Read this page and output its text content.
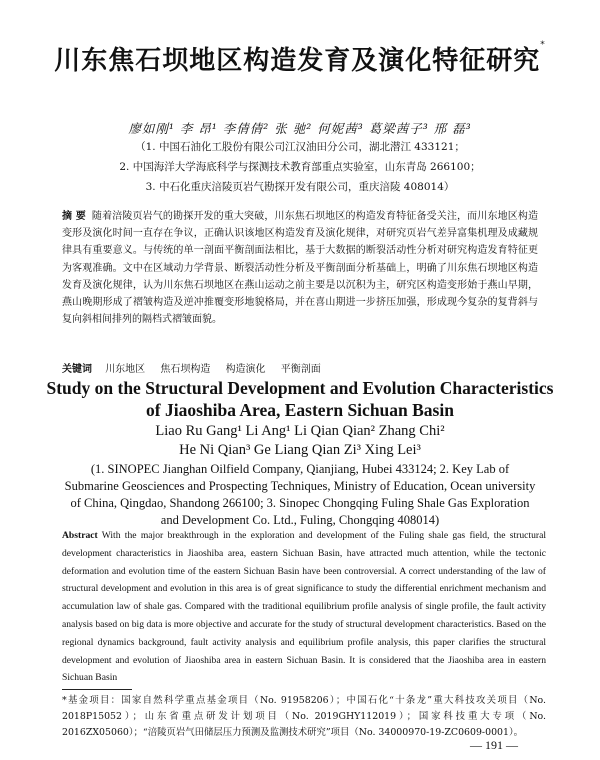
川东焦石坝地区构造发育及演化特征研究*
廖如刚¹ 李 昂¹ 李倩倩² 张 驰² 何妮茜³ 葛梁茜子³ 邢 磊³
（1. 中国石油化工股份有限公司江汉油田分公司，湖北潜江 433121；
2. 中国海洋大学海底科学与探测技术教育部重点实验室，山东青岛 266100；
3. 中石化重庆涪陵页岩气勘探开发有限公司，重庆涪陵 408014）
摘 要 随着涪陵页岩气的勘探开发的重大突破，川东焦石坝地区的构造发育特征备受关注，而川东地区构造变形及演化时间一直存在争议，正确认识该地区构造发育及演化规律，对研究页岩气差异富集机理及成藏规律具有重要意义。与传统的单一剖面平衡剖面法相比，基于大数据的断裂活动性分析对研究构造发育特征更为客观准确。文中在区域动力学背景、断裂活动性分析及平衡剖面分析基础上，明确了川东焦石坝地区构造发育及演化规律，认为川东焦石坝地区在燕山运动之前主要是以沉积为主，研究区构造变形始于燕山早期，燕山晚期形成了褶皱构造及逆冲推覆变形地貌格局，并在喜山期进一步挤压加强，形成现今复杂的复背斜与复向斜相间排列的隔档式褶皱面貌。
关键词 川东地区 焦石坝构造 构造演化 平衡剖面
Study on the Structural Development and Evolution Characteristics
of Jiaoshiba Area, Eastern Sichuan Basin
Liao Ru Gang¹ Li Ang¹ Li Qian Qian² Zhang Chi²
He Ni Qian³ Ge Liang Qian Zi³ Xing Lei³
(1. SINOPEC Jianghan Oilfield Company, Qianjiang, Hubei 433124; 2. Key Lab of
Submarine Geosciences and Prospecting Techniques, Ministry of Education, Ocean university
of China, Qingdao, Shandong 266100; 3. Sinopec Chongqing Fuling Shale Gas Exploration
and Development Co. Ltd., Fuling, Chongqing 408014)
Abstract With the major breakthrough in the exploration and development of the Fuling shale gas field, the structural development characteristics in Jiaoshiba area, eastern Sichuan Basin, have attracted much attention, while the tectonic deformation and evolution time of the eastern Sichuan Basin have been controversial. A correct understanding of the law of structural development and evolution in this area is of great significance to study the differential enrichment mechanism and accumulation law of shale gas. Compared with the traditional equilibrium profile analysis of single profile, the fault activity analysis based on big data is more objective and accurate for the study of structural development characteristics. Based on the regional dynamics background, fault activity analysis and equilibrium profile analysis, this paper clarifies the structural development and evolution of Jiaoshiba area in eastern Sichuan Basin. It is considered that the Jiaoshiba area in eastern Sichuan Basin
*基金项目：国家自然科学重点基金项目（No. 91958206）；中国石化“十条龙”重大科技攻关项目（No. 2018P15052）；山东省重点研发计划项目（No. 2019GHY112019）；国家科技重大专项（No. 2016ZX05060）；“涪陵页岩气田储层压力预测及监测技术研究”项目（No. 34000970-19-ZC0609-0001）。
— 191 —
